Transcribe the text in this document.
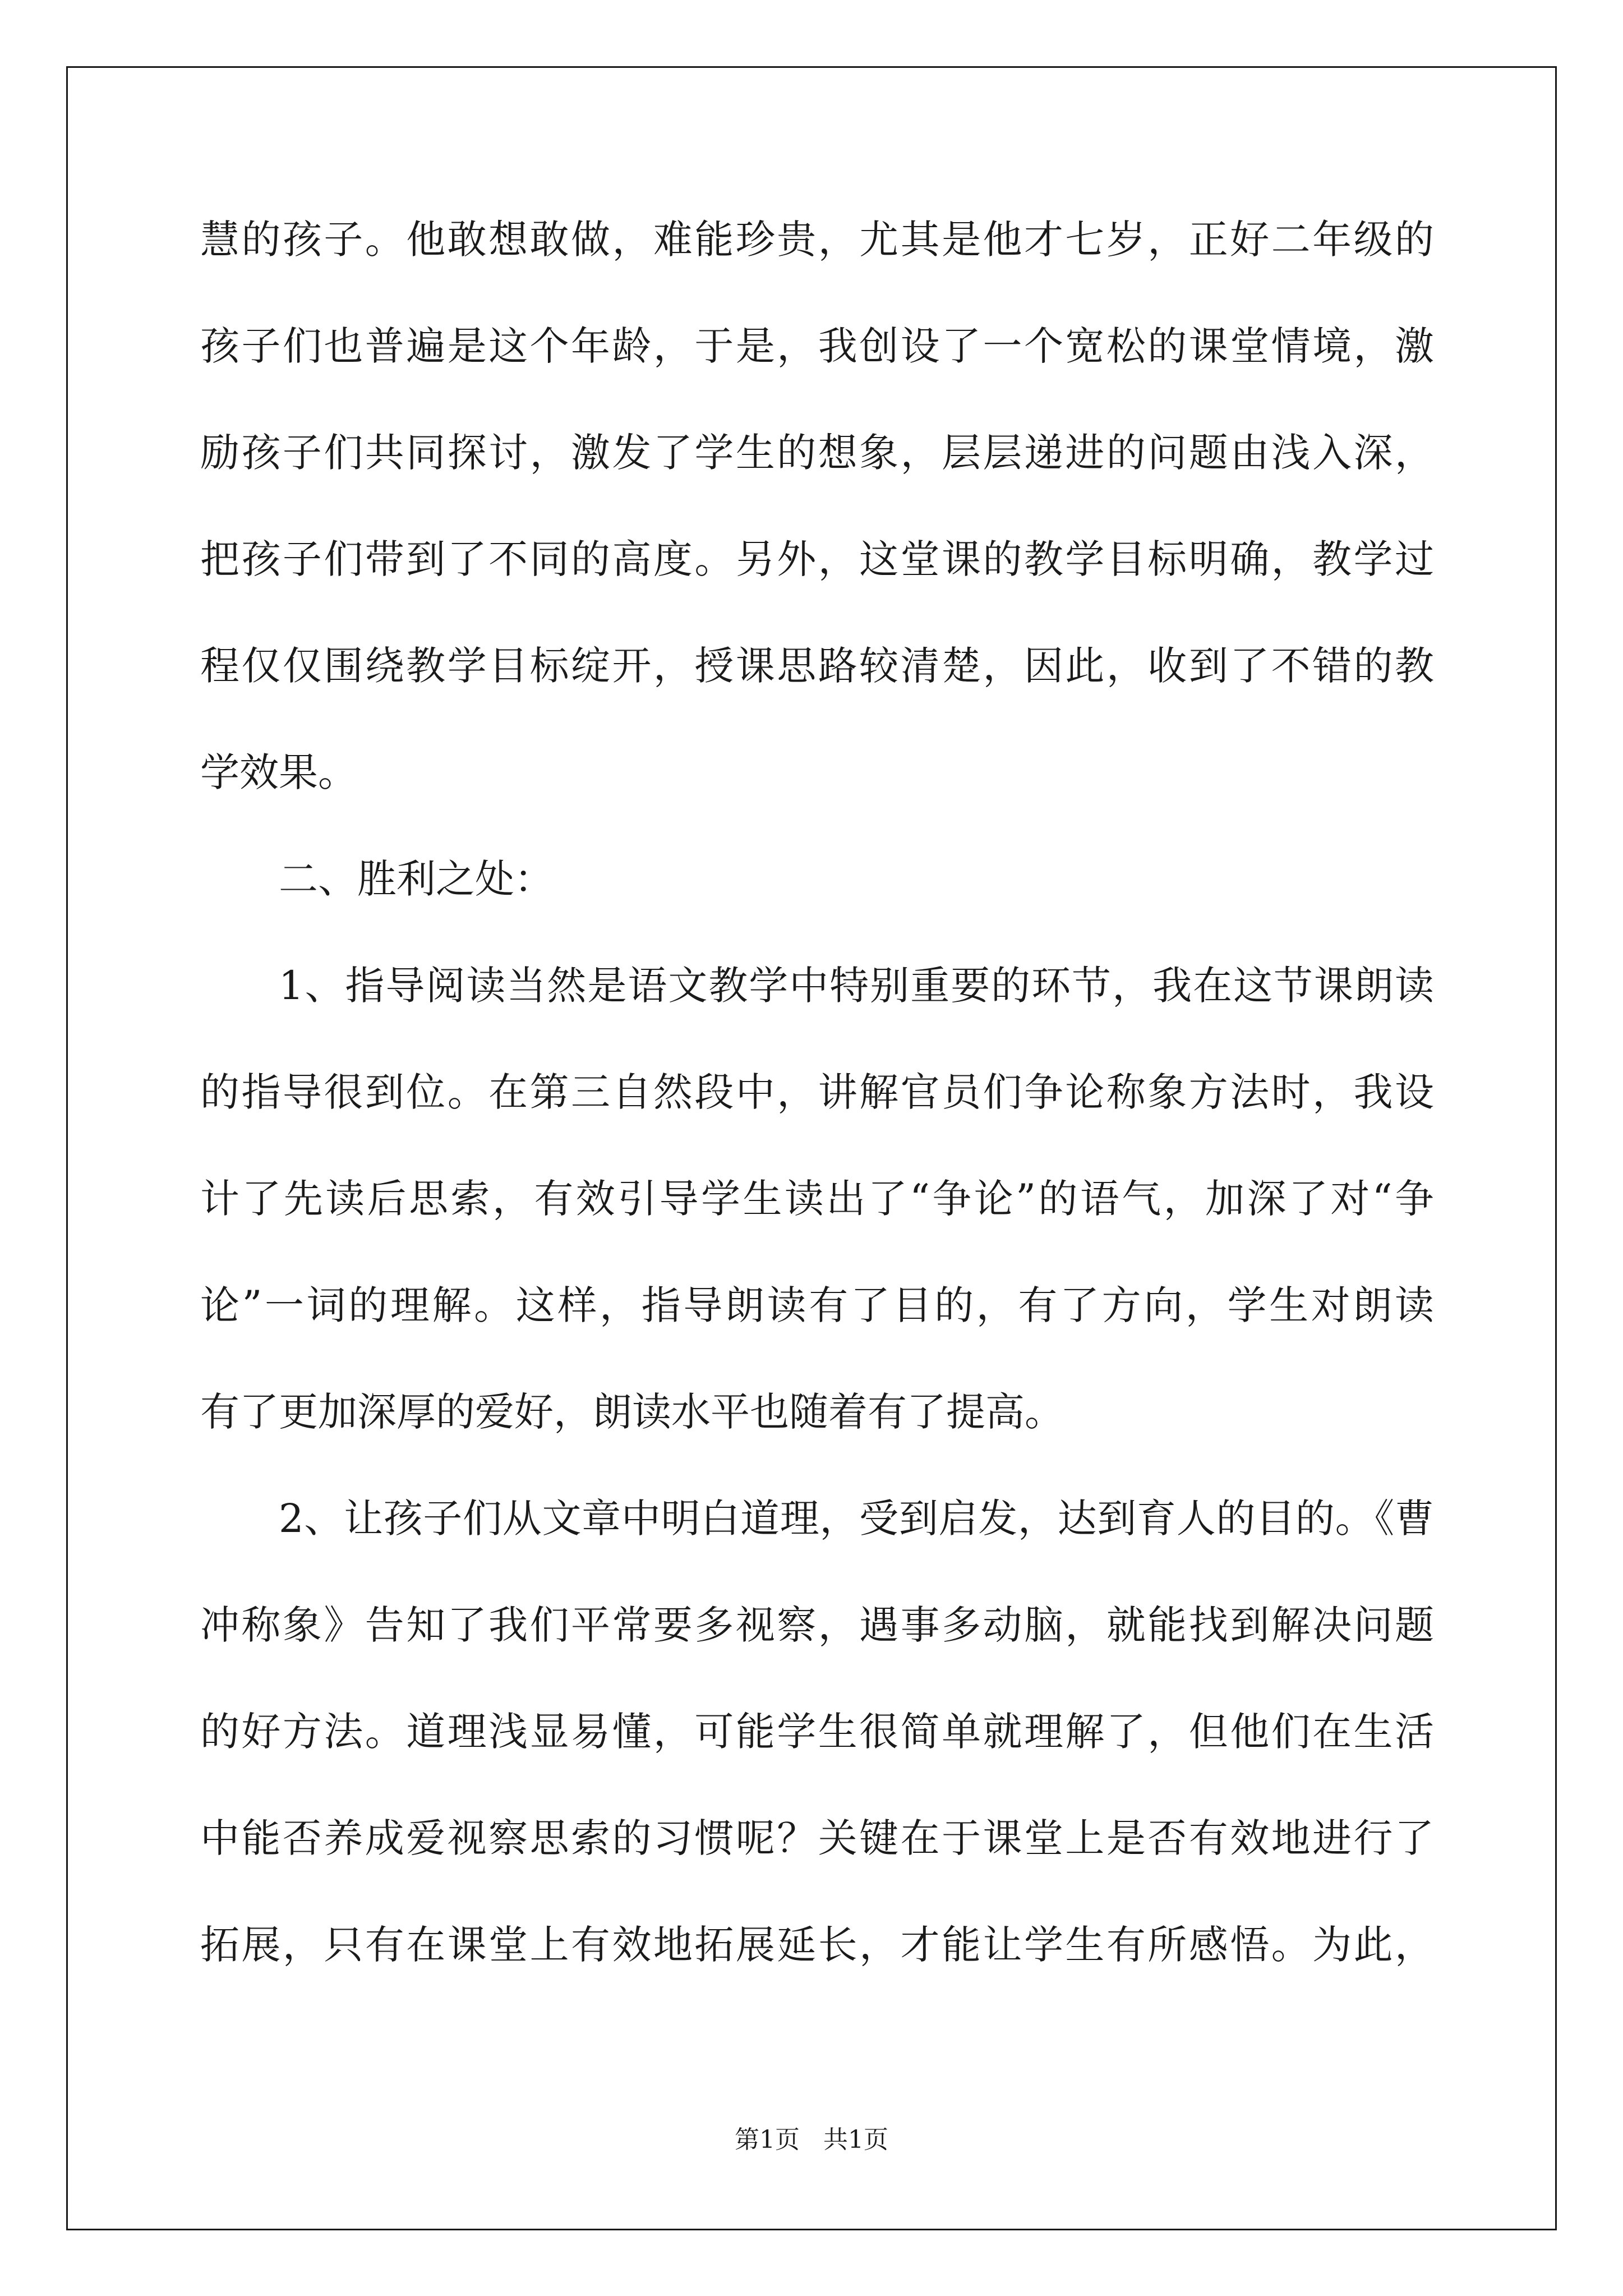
慧的孩子。他敢想敢做，难能珍贵，尤其是他才七岁，正好二年级的
孩子们也普遍是这个年龄，于是，我创设了一个宽松的课堂情境，激
励孩子们共同探讨，激发了学生的想象，层层递进的问题由浅入深，
把孩子们带到了不同的高度。另外，这堂课的教学目标明确，教学过
程仅仅围绕教学目标绽开，授课思路较清楚，因此，收到了不错的教
学效果。
二、胜利之处：
1、指导阅读当然是语文教学中特别重要的环节，我在这节课朗读
的指导很到位。在第三自然段中，讲解官员们争论称象方法时，我设
计了先读后思索，有效引导学生读出了“争论”的语气，加深了对“争
论”一词的理解。这样，指导朗读有了目的，有了方向，学生对朗读
有了更加深厚的爱好，朗读水平也随着有了提高。
2、让孩子们从文章中明白道理，受到启发，达到育人的目的。《曹
冲称象》告知了我们平常要多视察，遇事多动脑，就能找到解决问题
的好方法。道理浅显易懂，可能学生很简单就理解了，但他们在生活
中能否养成爱视察思索的习惯呢？关键在于课堂上是否有效地进行了
拓展，只有在课堂上有效地拓展延长，才能让学生有所感悟。为此，
第1页   共1页
